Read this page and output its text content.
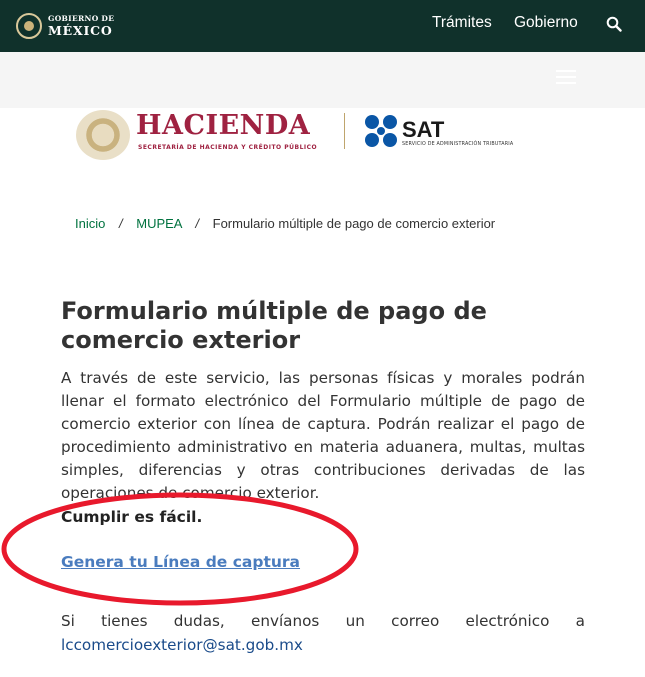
GOBIERNO DE
MÉXICO	Trámites Gobierno
HACIENDA
SECRETARÍA DE HACIENDA Y CRÉDITO PÚBLICO
SAT
SERVICIO DE ADMINISTRACIÓN TRIBUTARIA
Inicio / MUPEA / Formulario múltiple de pago de comercio exterior
Formulario múltiple de pago de comercio exterior

A través de este servicio, las personas físicas y morales podrán llenar el formato electrónico del Formulario múltiple de pago de comercio exterior con línea de captura. Podrán realizar el pago de procedimiento administrativo en materia aduanera, multas, multas simples, diferencias y otras contribuciones derivadas de las operaciones de comercio exterior.

Cumplir es fácil.
Genera tu Línea de captura

Si tienes dudas, envíanos un correo electrónico a

lccomercioexterior@sat.gob.mx
